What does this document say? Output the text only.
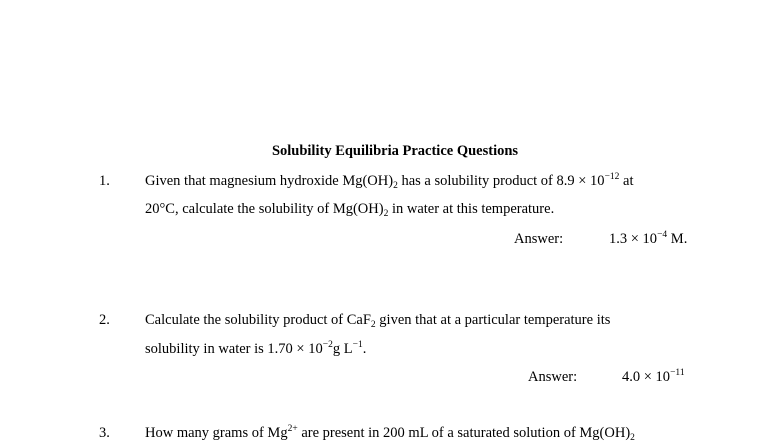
Solubility Equilibria Practice Questions
1. Given that magnesium hydroxide $Mg(OH)_2$ has a solubility product of $8.9 \times 10^{-12}$ at
20°C, calculate the solubility of $Mg(OH)_2$ in water at this temperature.
Answer:	$1.3 \times 10^{-4}$ M.
2. Calculate the solubility product of CaF$_2$ given that at a particular temperature its
solubility in water is $1.70 \times 10^{-2}g$ $L^{-1}$.
Answer:	$4.0 \times 10^{-11}$
3. How many grams of $Mg^{2+}$ are present in 200 mL of a saturated solution of $Mg(OH)_2$
